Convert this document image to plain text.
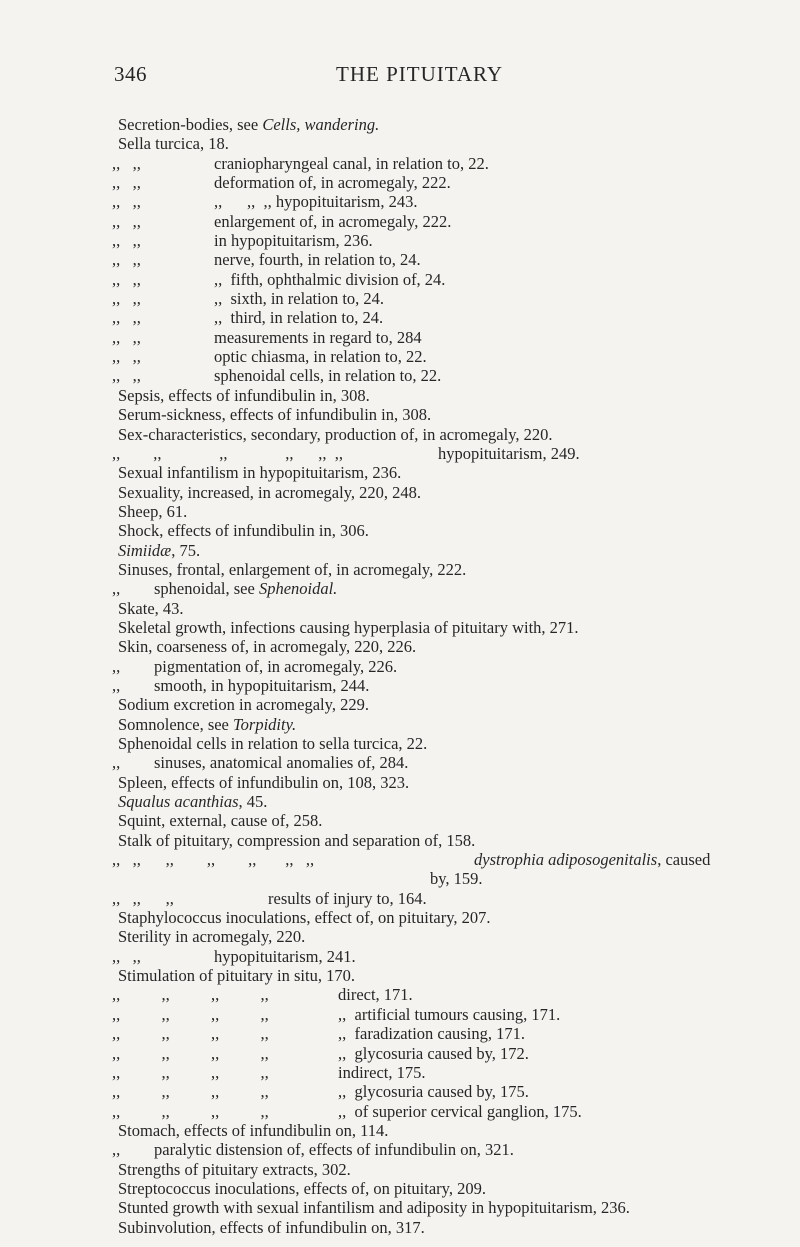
346	THE PITUITARY
Secretion-bodies, see Cells, wandering.
Sella turcica, 18.
,,   ,,	craniopharyngeal canal, in relation to, 22.
,,   ,,	deformation of, in acromegaly, 222.
,,   ,,	,,      ,,  ,, hypopituitarism, 243.
,,   ,,	enlargement of, in acromegaly, 222.
,,   ,,	in hypopituitarism, 236.
,,   ,,	nerve, fourth, in relation to, 24.
,,   ,,	,,  fifth, ophthalmic division of, 24.
,,   ,,	,,  sixth, in relation to, 24.
,,   ,,	,,  third, in relation to, 24.
,,   ,,	measurements in regard to, 284
,,   ,,	optic chiasma, in relation to, 22.
,,   ,,	sphenoidal cells, in relation to, 22.
Sepsis, effects of infundibulin in, 308.
Serum-sickness, effects of infundibulin in, 308.
Sex-characteristics, secondary, production of, in acromegaly, 220.
,,        ,,              ,,              ,,      ,,  ,,	hypopituitarism, 249.
Sexual infantilism in hypopituitarism, 236.
Sexuality, increased, in acromegaly, 220, 248.
Sheep, 61.
Shock, effects of infundibulin in, 306.
Simiidæ, 75.
Sinuses, frontal, enlargement of, in acromegaly, 222.
,, sphenoidal, see Sphenoidal.
Skate, 43.
Skeletal growth, infections causing hyperplasia of pituitary with, 271.
Skin, coarseness of, in acromegaly, 220, 226.
,, pigmentation of, in acromegaly, 226.
,, smooth, in hypopituitarism, 244.
Sodium excretion in acromegaly, 229.
Somnolence, see Torpidity.
Sphenoidal cells in relation to sella turcica, 22.
,, sinuses, anatomical anomalies of, 284.
Spleen, effects of infundibulin on, 108, 323.
Squalus acanthias, 45.
Squint, external, cause of, 258.
Stalk of pituitary, compression and separation of, 158.
,,   ,,      ,,        ,,        ,,       ,,   ,,	dystrophia adiposogenitalis, caused
by, 159.
,,   ,,      ,,	results of injury to, 164.
Staphylococcus inoculations, effect of, on pituitary, 207.
Sterility in acromegaly, 220.
,,   ,,	hypopituitarism, 241.
Stimulation of pituitary in situ, 170.
,,          ,,          ,,          ,,	direct, 171.
,,          ,,          ,,          ,,	,,  artificial tumours causing, 171.
,,          ,,          ,,          ,,	,,  faradization causing, 171.
,,          ,,          ,,          ,,	,,  glycosuria caused by, 172.
,,          ,,          ,,          ,,	indirect, 175.
,,          ,,          ,,          ,,	,,  glycosuria caused by, 175.
,,          ,,          ,,          ,,	,,  of superior cervical ganglion, 175.
Stomach, effects of infundibulin on, 114.
,, paralytic distension of, effects of infundibulin on, 321.
Strengths of pituitary extracts, 302.
Streptococcus inoculations, effects of, on pituitary, 209.
Stunted growth with sexual infantilism and adiposity in hypopituitarism, 236.
Subinvolution, effects of infundibulin on, 317.
